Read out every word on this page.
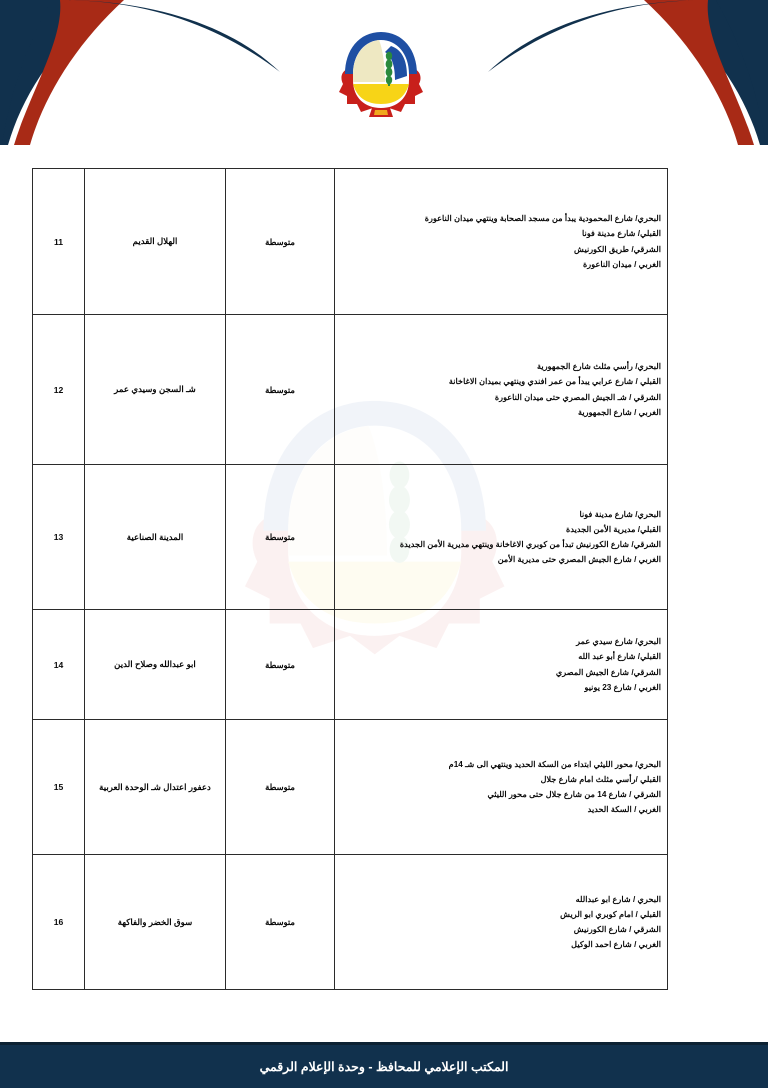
البحري/ شارع المحمودية يبدأ من مسجد الصحابة وينتهي ميدان الناعورة
القبلي/ شارع مدينة فونا
الشرقي/ طريق الكورنيش
الغربي / ميدان الناعورة	متوسطة	الهلال القديم	11

البحري/ رأسي مثلث شارع الجمهورية
القبلي / شارع عرابي يبدأ من عمر افندي وينتهي بميدان الاغاخانة
الشرقي / شـ الجيش المصري حتى ميدان الناعورة
الغربي / شارع الجمهورية	متوسطة	شـ السجن وسيدي عمر	12

البحري/ شارع مدينة فونا
القبلي/ مديرية الأمن الجديدة
الشرقي/ شارع الكورنيش تبدأ من كوبري الاغاخانة وينتهي مديرية الأمن الجديدة
الغربي / شارع الجيش المصري حتى مديرية الأمن	متوسطة	المدينة الصناعية	13

البحري/ شارع سيدي عمر
القبلي/ شارع أبو عبد الله
الشرقي/ شارع الجيش المصري
الغربي / شارع 23 يونيو	متوسطة	ابو عبدالله وصلاح الدين	14

البحري/ محور الليثي ابتداء من السكة الحديد وينتهي الى شـ 14م
القبلي /رأسي مثلث امام شارع جلال
الشرقي / شارع 14 من شارع جلال حتى محور الليثي
الغربي / السكة الحديد	متوسطة	دعفور اعتدال شـ الوحدة العربية	15

البحري / شارع ابو عبدالله
القبلي / امام كوبري ابو الريش
الشرقي / شارع الكورنيش
الغربي / شارع احمد الوكيل	متوسطة	سوق الخضر والفاكهة	16
المكتب الإعلامي للمحافظ - وحدة الإعلام الرقمي
